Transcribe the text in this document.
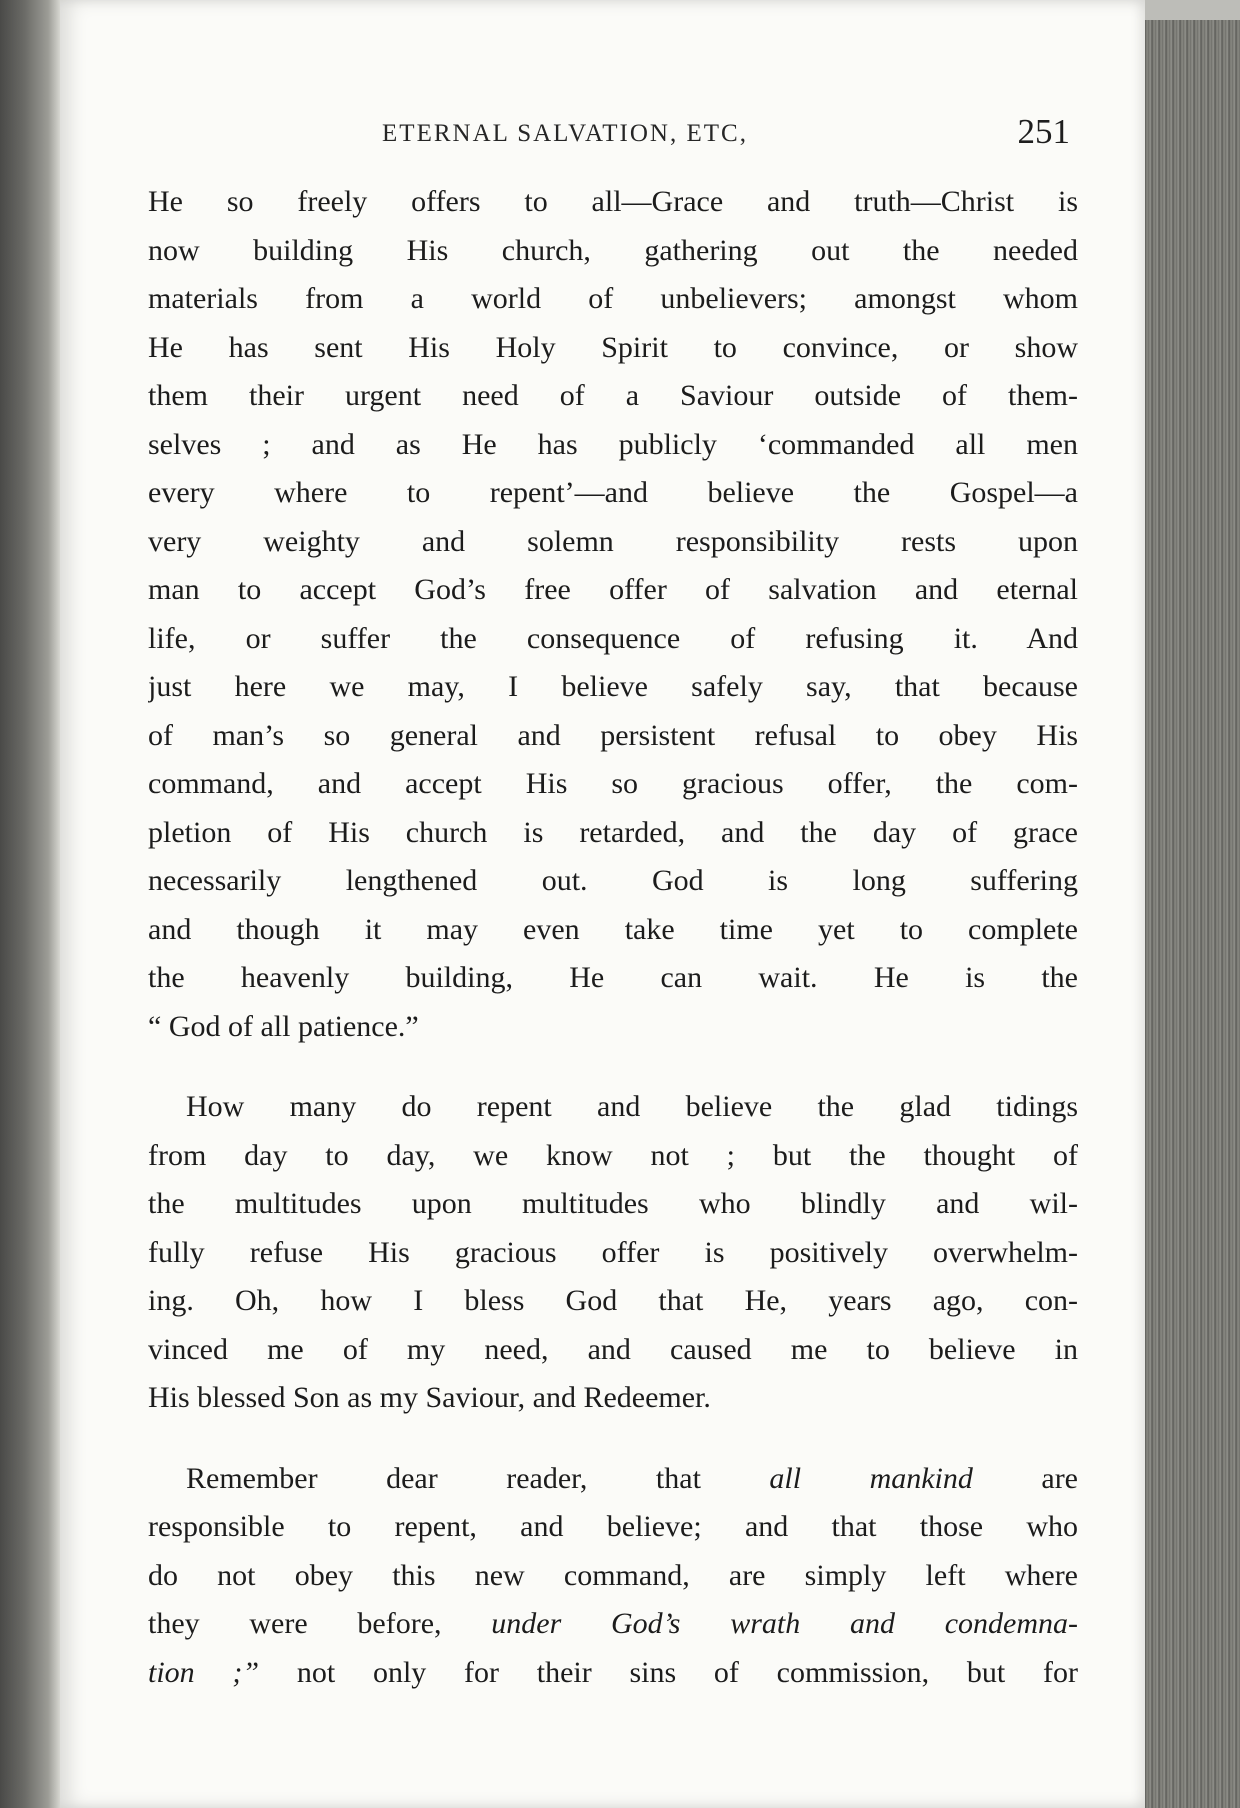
ETERNAL SALVATION, ETC,	251
He so freely offers to all—Grace and truth—Christ is
now building His church, gathering out the needed
materials from a world of unbelievers; amongst whom
He has sent His Holy Spirit to convince, or show
them their urgent need of a Saviour outside of them-
selves ; and as He has publicly ‘commanded all men
every where to repent’—and believe the Gospel—a
very weighty and solemn responsibility rests upon
man to accept God’s free offer of salvation and eternal
life, or suffer the consequence of refusing it. And
just here we may, I believe safely say, that because
of man’s so general and persistent refusal to obey His
command, and accept His so gracious offer, the com-
pletion of His church is retarded, and the day of grace
necessarily lengthened out. God is long suffering
and though it may even take time yet to complete
the heavenly building, He can wait. He is the
“ God of all patience.”
How many do repent and believe the glad tidings
from day to day, we know not ; but the thought of
the multitudes upon multitudes who blindly and wil-
fully refuse His gracious offer is positively overwhelm-
ing. Oh, how I bless God that He, years ago, con-
vinced me of my need, and caused me to believe in
His blessed Son as my Saviour, and Redeemer.
Remember dear reader, that all mankind are
responsible to repent, and believe; and that those who
do not obey this new command, are simply left where
they were before, under God’s wrath and condemna-
tion ;” not only for their sins of commission, but for
